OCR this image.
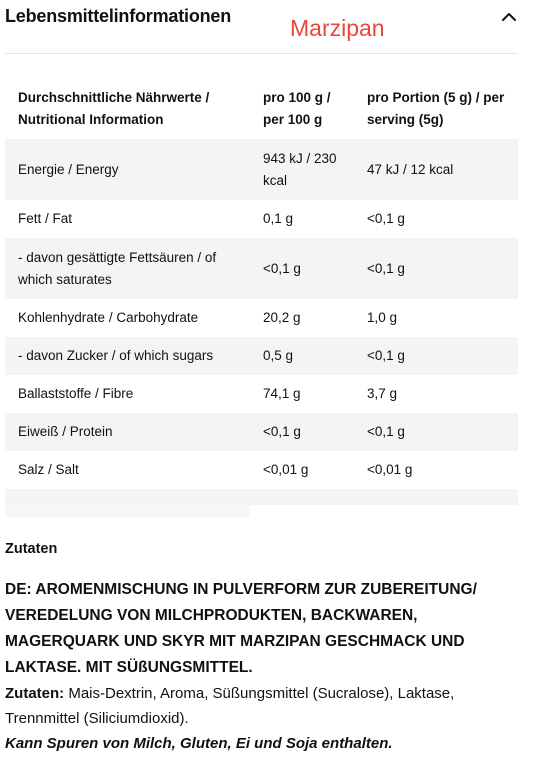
Lebensmittelinformationen	Marzipan
Durchschnittliche Nährwerte / Nutritional Information	pro 100 g / per 100 g	pro Portion (5 g) / per serving (5g)
Energie / Energy	943 kJ / 230 kcal	47 kJ / 12 kcal
Fett / Fat	0,1 g	<0,1 g
- davon gesättigte Fettsäuren / of which saturates	<0,1 g	<0,1 g
Kohlenhydrate / Carbohydrate	20,2 g	1,0 g
- davon Zucker / of which sugars	0,5 g	<0,1 g
Ballaststoffe / Fibre	74,1 g	3,7 g
Eiweiß / Protein	<0,1 g	<0,1 g
Salz / Salt	<0,01 g	<0,01 g

Zutaten
DE: AROMENMISCHUNG IN PULVERFORM ZUR ZUBEREITUNG/ VEREDELUNG VON MILCHPRODUKTEN, BACKWAREN, MAGERQUARK UND SKYR MIT MARZIPAN GESCHMACK UND LAKTASE. MIT SÜßUNGSMITTEL.
Zutaten: Mais-Dextrin, Aroma, Süßungsmittel (Sucralose), Laktase, Trennmittel (Siliciumdioxid).
Kann Spuren von Milch, Gluten, Ei und Soja enthalten.
